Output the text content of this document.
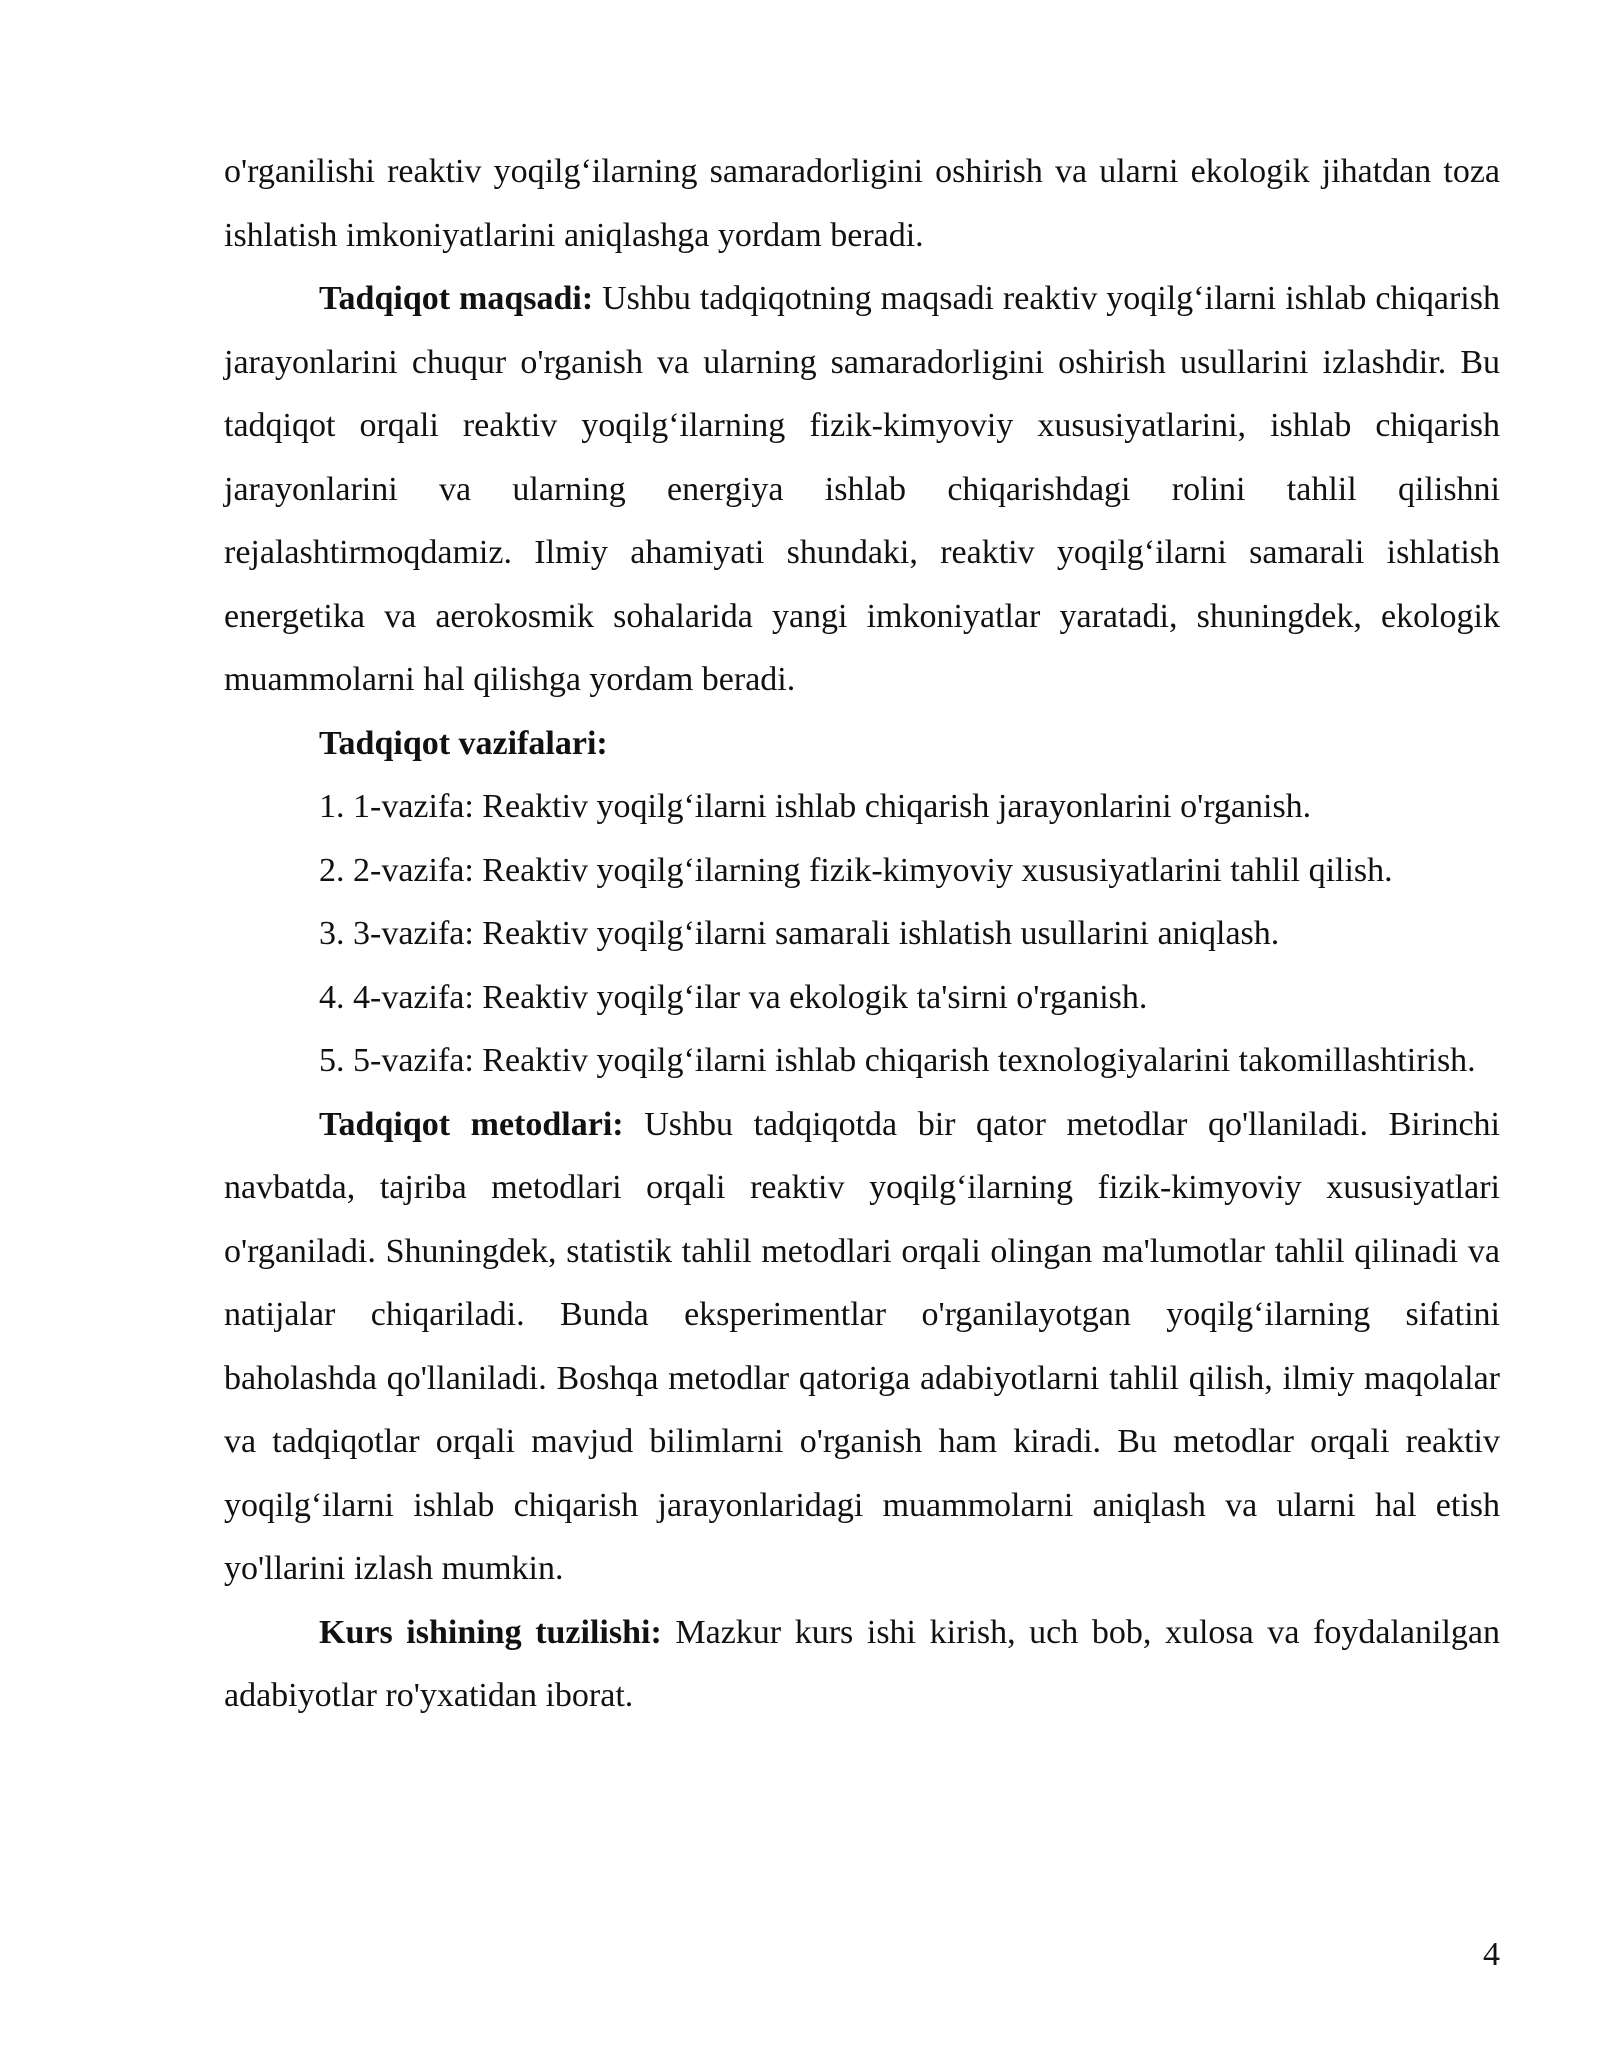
o'rganilishi reaktiv yoqilg‘ilarning samaradorligini oshirish va ularni ekologik jihatdan toza ishlatish imkoniyatlarini aniqlashga yordam beradi.

Tadqiqot maqsadi: Ushbu tadqiqotning maqsadi reaktiv yoqilg‘ilarni ishlab chiqarish jarayonlarini chuqur o'rganish va ularning samaradorligini oshirish usullarini izlashdir. Bu tadqiqot orqali reaktiv yoqilg‘ilarning fizik-kimyoviy xususiyatlarini, ishlab chiqarish jarayonlarini va ularning energiya ishlab chiqarishdagi rolini tahlil qilishni rejalashtirmoqdamiz. Ilmiy ahamiyati shundaki, reaktiv yoqilg‘ilarni samarali ishlatish energetika va aerokosmik sohalarida yangi imkoniyatlar yaratadi, shuningdek, ekologik muammolarni hal qilishga yordam beradi.

Tadqiqot vazifalari:

1. 1-vazifa: Reaktiv yoqilg‘ilarni ishlab chiqarish jarayonlarini o'rganish.

2. 2-vazifa: Reaktiv yoqilg‘ilarning fizik-kimyoviy xususiyatlarini tahlil qilish.

3. 3-vazifa: Reaktiv yoqilg‘ilarni samarali ishlatish usullarini aniqlash.

4. 4-vazifa: Reaktiv yoqilg‘ilar va ekologik ta'sirni o'rganish.

5. 5-vazifa: Reaktiv yoqilg‘ilarni ishlab chiqarish texnologiyalarini takomillashtirish.

Tadqiqot metodlari: Ushbu tadqiqotda bir qator metodlar qo'llaniladi. Birinchi navbatda, tajriba metodlari orqali reaktiv yoqilg‘ilarning fizik-kimyoviy xususiyatlari o'rganiladi. Shuningdek, statistik tahlil metodlari orqali olingan ma'lumotlar tahlil qilinadi va natijalar chiqariladi. Bunda eksperimentlar o'rganilayotgan yoqilg‘ilarning sifatini baholashda qo'llaniladi. Boshqa metodlar qatoriga adabiyotlarni tahlil qilish, ilmiy maqolalar va tadqiqotlar orqali mavjud bilimlarni o'rganish ham kiradi. Bu metodlar orqali reaktiv yoqilg‘ilarni ishlab chiqarish jarayonlaridagi muammolarni aniqlash va ularni hal etish yo'llarini izlash mumkin.

Kurs ishining tuzilishi: Mazkur kurs ishi kirish, uch bob, xulosa va foydalanilgan adabiyotlar ro'yxatidan iborat.

4
